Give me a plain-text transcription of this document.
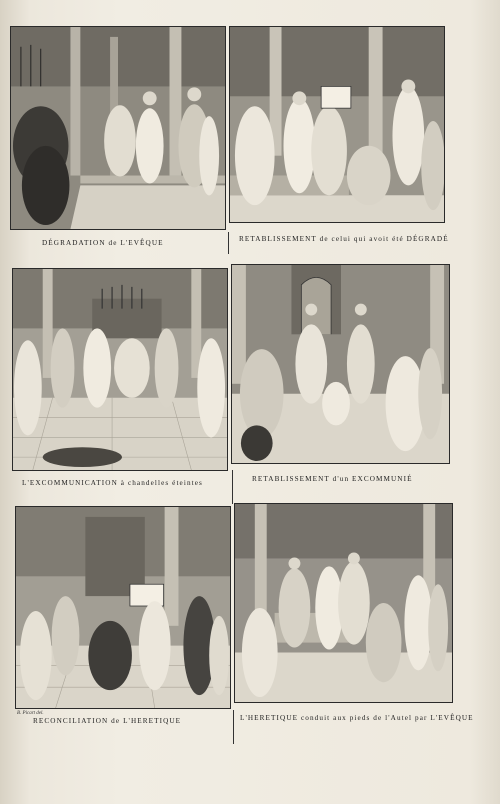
DÉGRADATION de L'EVÊQUE	RETABLISSEMENT de celui qui avoit été DÉGRADÉ
L'EXCOMMUNICATION à chandelles éteintes	RETABLISSEMENT d'un EXCOMMUNIÉ
B. Picart del.
RECONCILIATION de L'HERETIQUE	L'HERETIQUE conduit aux pieds de l'Autel par L'EVÊQUE
